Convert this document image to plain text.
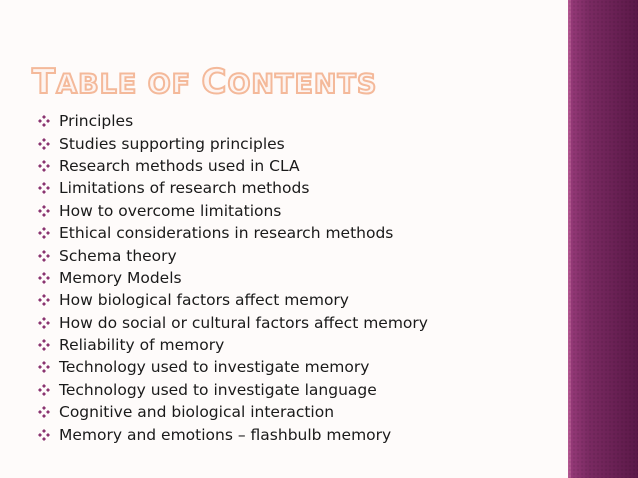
TABLE OF CONTENTS
Principles
Studies supporting principles
Research methods used in CLA
Limitations of research methods
How to overcome limitations
Ethical considerations in research methods
Schema theory
Memory Models
How biological factors affect memory
How do social or cultural factors affect memory
Reliability of memory
Technology used to investigate memory
Technology used to investigate language
Cognitive and biological interaction
Memory and emotions – flashbulb memory
